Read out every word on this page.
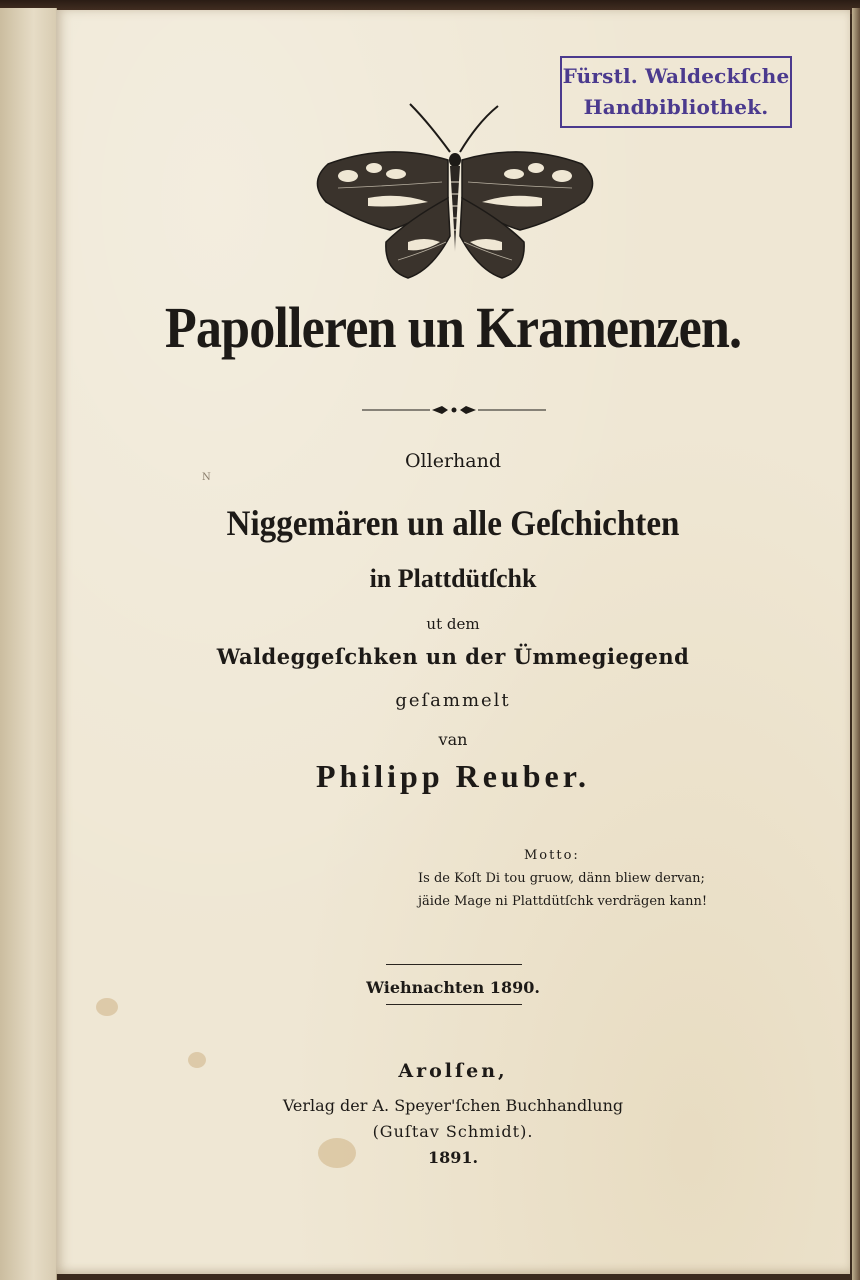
Fürstl. Waldeckſche
Handbibliothek.
Papolleren un Kramenzen.
N
Ollerhand
Niggemären un alle Geſchichten
in Plattdütſchk
ut dem
Waldeggeſchken un der Ümmegiegend
geſammelt
van
Philipp Reuber.
Motto:
Is de Koſt Di tou gruow, dänn bliew dervan;
jäide Mage ni Plattdütſchk verdrägen kann!
Wiehnachten 1890.
Arolſen,
Verlag der A. Speyer'ſchen Buchhandlung
(Guſtav Schmidt).
1891.
